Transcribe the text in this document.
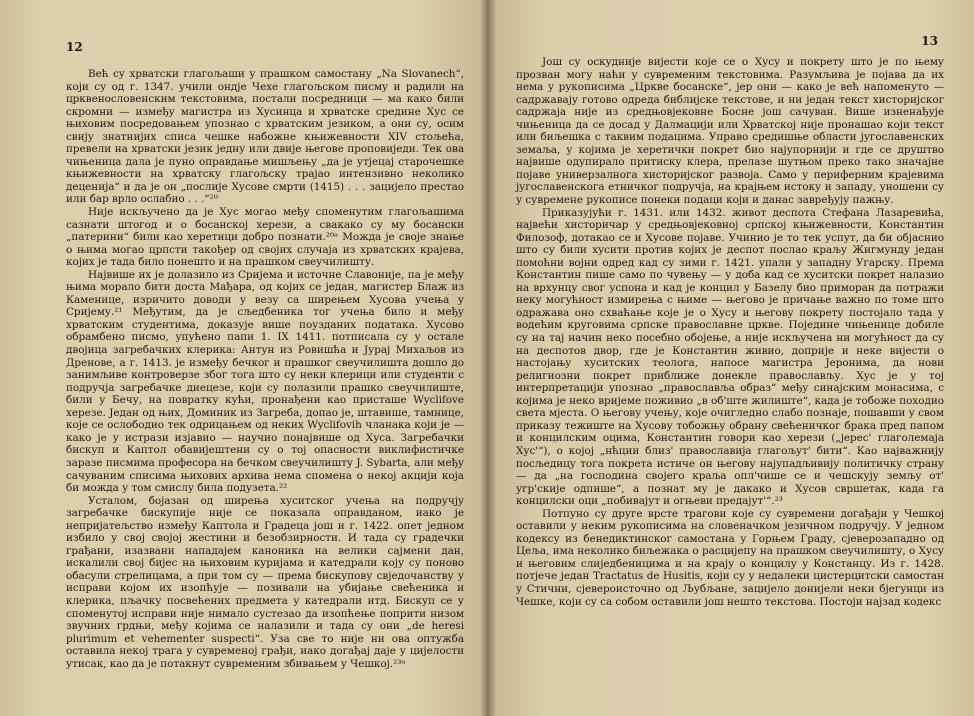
12

Већ су хрватски глагољаши у прашком самостану „Na Slovanech“, који су од г. 1347. учили ондје Чехе глагољском писму и радили на црквенословенским текстовима, постали посредници — ма како били скромни — између магистра из Хусинца и хрватске средине Хус се њиховим посредовањем упознао с хрватским језиком, а они су, осим свију знатнијих списа чешке набожне књижевности XIV стољећа, превели на хрватски језик једну или двије његове проповиједи. Тек ова чињеница дала је пуно оправдање мишљењу „да је утјецај старочешке књижевности на хрватску глагољску трајао интензивно неколико деценија“ и да је он „послије Хусове смрти (1415) . . . зацијело престао или бар врло ослабио . . .“²⁰

Није искључено да је Хус могао међу споменутим глагољашима сазнати штогод и о босанској херези, а свакако су му босански „патерини“ били као херетици добро познати.²⁰ᵃ Можда је своје знање о њима могао црпсти такођер од својих случаја из хрватских крајева, којих је тада било понешто и на прашком свеучилишту.

Највише их је долазило из Сријема и источне Славоније, па је међу њима морало бити доста Мађара, од којих се један, магистер Блаж из Каменице, изричито доводи у везу са ширењем Хусова учења у Сријему.²¹ Међутим, да је сљедбеника тог учења било и међу хрватским студентима, доказује више поузданих података. Хусово обрамбено писмо, упућено папи 1. IX 1411. потписала су у остале двојица загребачких клерика: Антун из Ровишћа и Јурај Михаљов из Дренове, а г. 1413. је између бечког и прашког свеучилишта дошло до занимљиве контроверзе због тога што су неки клерици или студенти с подручја загребачке диецезе, који су полазили прашко свеучилиште, били у Бечу, на повратку кући, пронађени као присташе Wyclifove херезе. Један од њих, Доминик из Загреба, допао је, штавише, тамнице, које се ослободио тек одрицањем од неких Wyclifovih чланака који је — како је у истрази изјавио — научио понајвише од Хуса. Загребачки бискуп и Каптол обавијештени су о тој опасности виклифистичке заразе писмима професора на бечком свеучилишту J. Sybarta, али међу сачуваним списима њихових архива нема спомена о некој акцији која би можда у том смислу била подузета.²²

Усталом, бојазан од ширења хуситског учења на подручју загребачке бискупије није се показала оправданом, иако је непријатељство између Каптола и Градеца још и г. 1422. опет једном избило у свој својој жестини и безобзирности. И тада су градечки грађани, изазвани нападајем каноника на велики сајмени дан, искалили свој бијес на њиховим куријама и катедрали коју су поново обасули стрелицама, а при том су — према бискупову свједочанству у исправи којом их изопћује — позивали на убијање свећеника и клерика, пљачку посвећених предмета у катедрали итд. Бискуп се у споменутој исправи није нимало сустезао да изопћење поприти низом звучних грдњи, међу којима се налазили и тада су они „de heresi plurimum et vehementer suspecti“. Уза све то није ни ова оптужба оставила некој трага у сувременој грађи, иако догађај даје у цијелости утисак, као да је потакнут сувременим збивањем у Чешкој.²³ᵃ

13

Још су оскудније вијести које се о Хусу и покрету што је по њему прозван могу наћи у сувременим текстовима. Разумљива је појава да их нема у рукописима „Цркве босанске“, јер они — како је већ напоменуто — садржавају готово одреда библијске текстове, и ни један текст хисторијског садржаја није из средњовјековне Босне још сачуван. Више изненађује чињеница да се досад у Далмацији или Хрватској није пронашао који текст или биљешка с таквим подацима. Управо средишње области југославенских земаља, у којима је херетички покрет био најупорнији и где се друштво највише одупирало притиску клера, прелазе шутњом преко тако значајне појаве универзалнога хисторијског развоја. Само у периферним крајевима југославенскога етничког подручја, на крајњем истоку и западу, уношени су у сувремене рукописе понеки подаци који и данас завређују пажњу.

Приказујући г. 1431. или 1432. живот деспота Стефана Лазаревића, највећи хисторичар у средњовјековној српској књижевности, Константин Филозоф, дотакао се и Хусове појаве. Учинио је то тек успут, да би објаснио што су били хусити против којих је деспот послао краљу Жигмунду један помоћни војни одред кад су зими г. 1421. упали у западну Угарску. Према Константин пише само по чувењу — у доба кад се хуситски покрет налазио на врхунцу свог успона и кад је концил у Базелу био приморан да потражи неку могућност измирења с њиме — његово је причање важно по томе што одражава оно схваћање које је о Хусу и његову покрету постојало тада у водећим круговима српске православне цркве. Поједине чињенице добиле су на тај начин нeко посебно обојење, а није искључена ни могућност да су на деспотов двор, где је Константин живио, доприје и неке вијести о настојању хуситских теолога, напосе магистра Јеронима, да нови религиозни покрет приближе донекле православљу. Хус је у тој интерпретацији упознао „православља образ“ међу синајским монасима, с којима је неко вријеме поживио „в об'ште жилиште“, када је тобоже походио света мјеста. О његову учењу, које очигледно слабо познаје, пошавши у свом приказу тежиште на Хусову тобожњу обрану свећеничког брака пред папом и концилским оцима, Константин говори као херези („јерес' глаголемаја Хус'“), о којој „нћции близ' православија глагољут' бити“. Као најважнију посљедицу тога покрета истиче он његову најупадљивију политичку страну — да „на господина својего краља опл'чише се и чешскују земљу от' угр'скије одпише“, а познат му је дакако и Хусов свршетак, када га концилски оци „побивајут и огњеви предајут'“.²³

Потпуно су друге врсте трагови које су сувремени догађаји у Чешкој оставили у неким рукописима на словеначком језичном подручју. У једном кодексу из бенедиктинског самостана у Горњем Граду, сјеверозападно од Цеља, има неколико биљежака о расцијепу на прашком свеучилишту, о Хусу и његовим слиједбеницима и на крају о концилу у Констанцу. Из г. 1428. потјече један Tractatus de Husitis, који су у недалеки цистерцитски самостан у Стични, сјеверoисточно од Љубљане, зацијело донијели неки бјегунци из Чешке, који су са собом оставили још нешто текстова. Постоји најзад кодекс
